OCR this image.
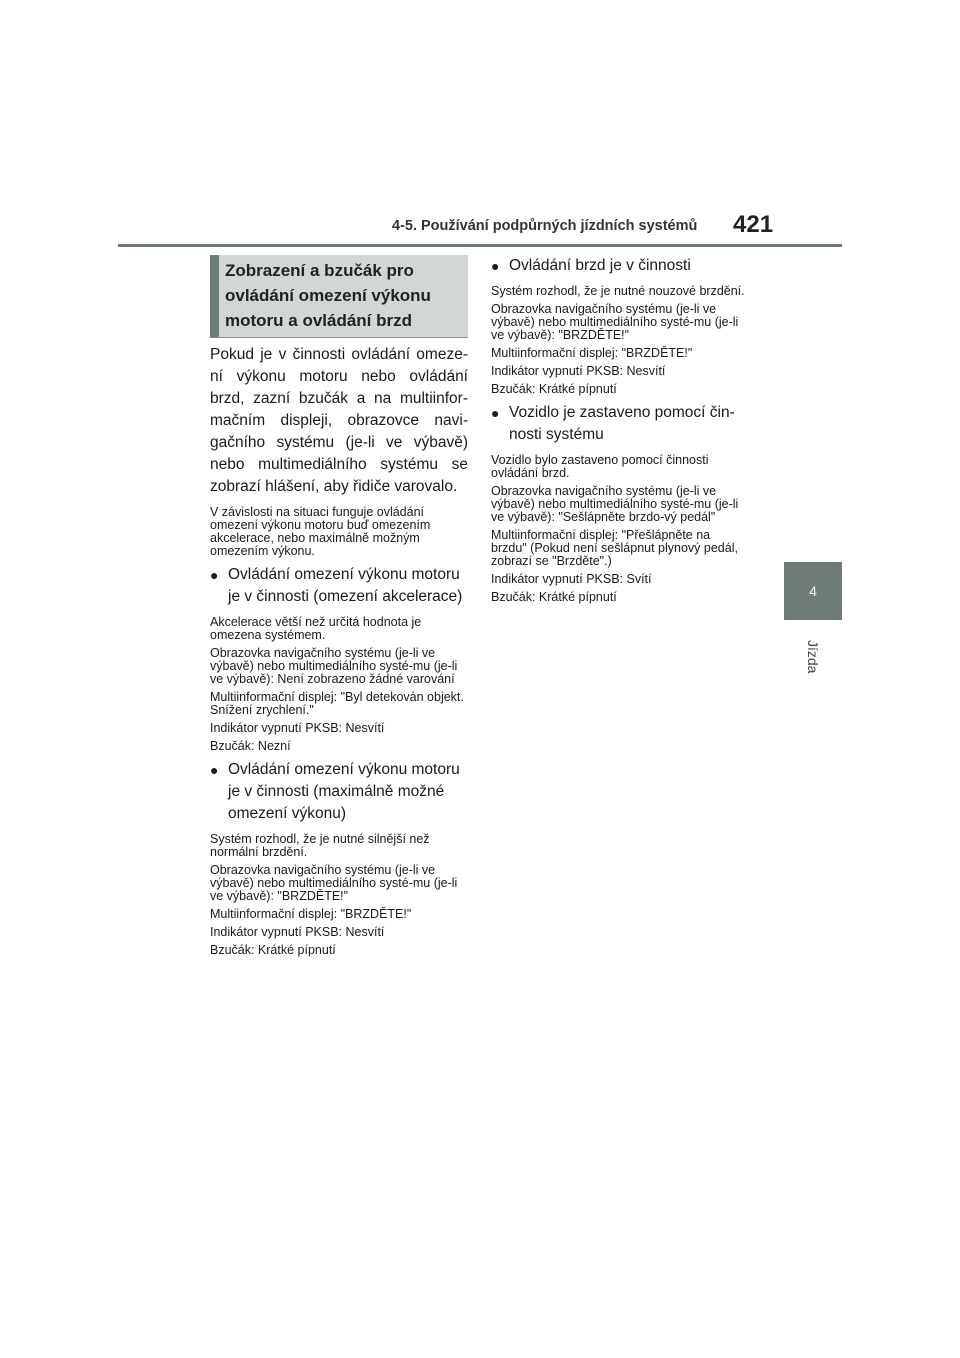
4-5. Používání podpůrných jízdních systémů 421
4
Jízda
Zobrazení a bzučák pro ovládání omezení výkonu motoru a ovládání brzd

Pokud je v činnosti ovládání omeze-ní výkonu motoru nebo ovládání brzd, zazní bzučák a na multiinfor-mačním displeji, obrazovce navi-gačního systému (je-li ve výbavě) nebo multimediálního systému se zobrazí hlášení, aby řidiče varovalo.

V závislosti na situaci funguje ovládání omezení výkonu motoru buď omezením akcelerace, nebo maximálně možným omezením výkonu.

● Ovládání omezení výkonu motoru je v činnosti (omezení akcelerace)

Akcelerace větší než určitá hodnota je omezena systémem.

Obrazovka navigačního systému (je-li ve výbavě) nebo multimediálního systé-mu (je-li ve výbavě): Není zobrazeno žádné varování

Multiinformační displej: "Byl detekován objekt. Snížení zrychlení."

Indikátor vypnutí PKSB: Nesvítí

Bzučák: Nezní

● Ovládání omezení výkonu motoru je v činnosti (maximálně možné omezení výkonu)

Systém rozhodl, že je nutné silnější než normální brzdění.

Obrazovka navigačního systému (je-li ve výbavě) nebo multimediálního systé-mu (je-li ve výbavě): "BRZDĚTE!"

Multiinformační displej: "BRZDĚTE!"

Indikátor vypnutí PKSB: Nesvítí

Bzučák: Krátké pípnutí

● Ovládání brzd je v činnosti

Systém rozhodl, že je nutné nouzové brzdění.

Obrazovka navigačního systému (je-li ve výbavě) nebo multimediálního systé-mu (je-li ve výbavě): "BRZDĚTE!"

Multiinformační displej: "BRZDĚTE!"

Indikátor vypnutí PKSB: Nesvítí

Bzučák: Krátké pípnutí

● Vozidlo je zastaveno pomocí čin-nosti systému

Vozidlo bylo zastaveno pomocí činnosti ovládání brzd.

Obrazovka navigačního systému (je-li ve výbavě) nebo multimediálního systé-mu (je-li ve výbavě): "Sešlápněte brzdo-vý pedál"

Multiinformační displej: "Přešlápněte na brzdu" (Pokud není sešlápnut plynový pedál, zobrazí se "Brzděte".)

Indikátor vypnutí PKSB: Svítí

Bzučák: Krátké pípnutí
